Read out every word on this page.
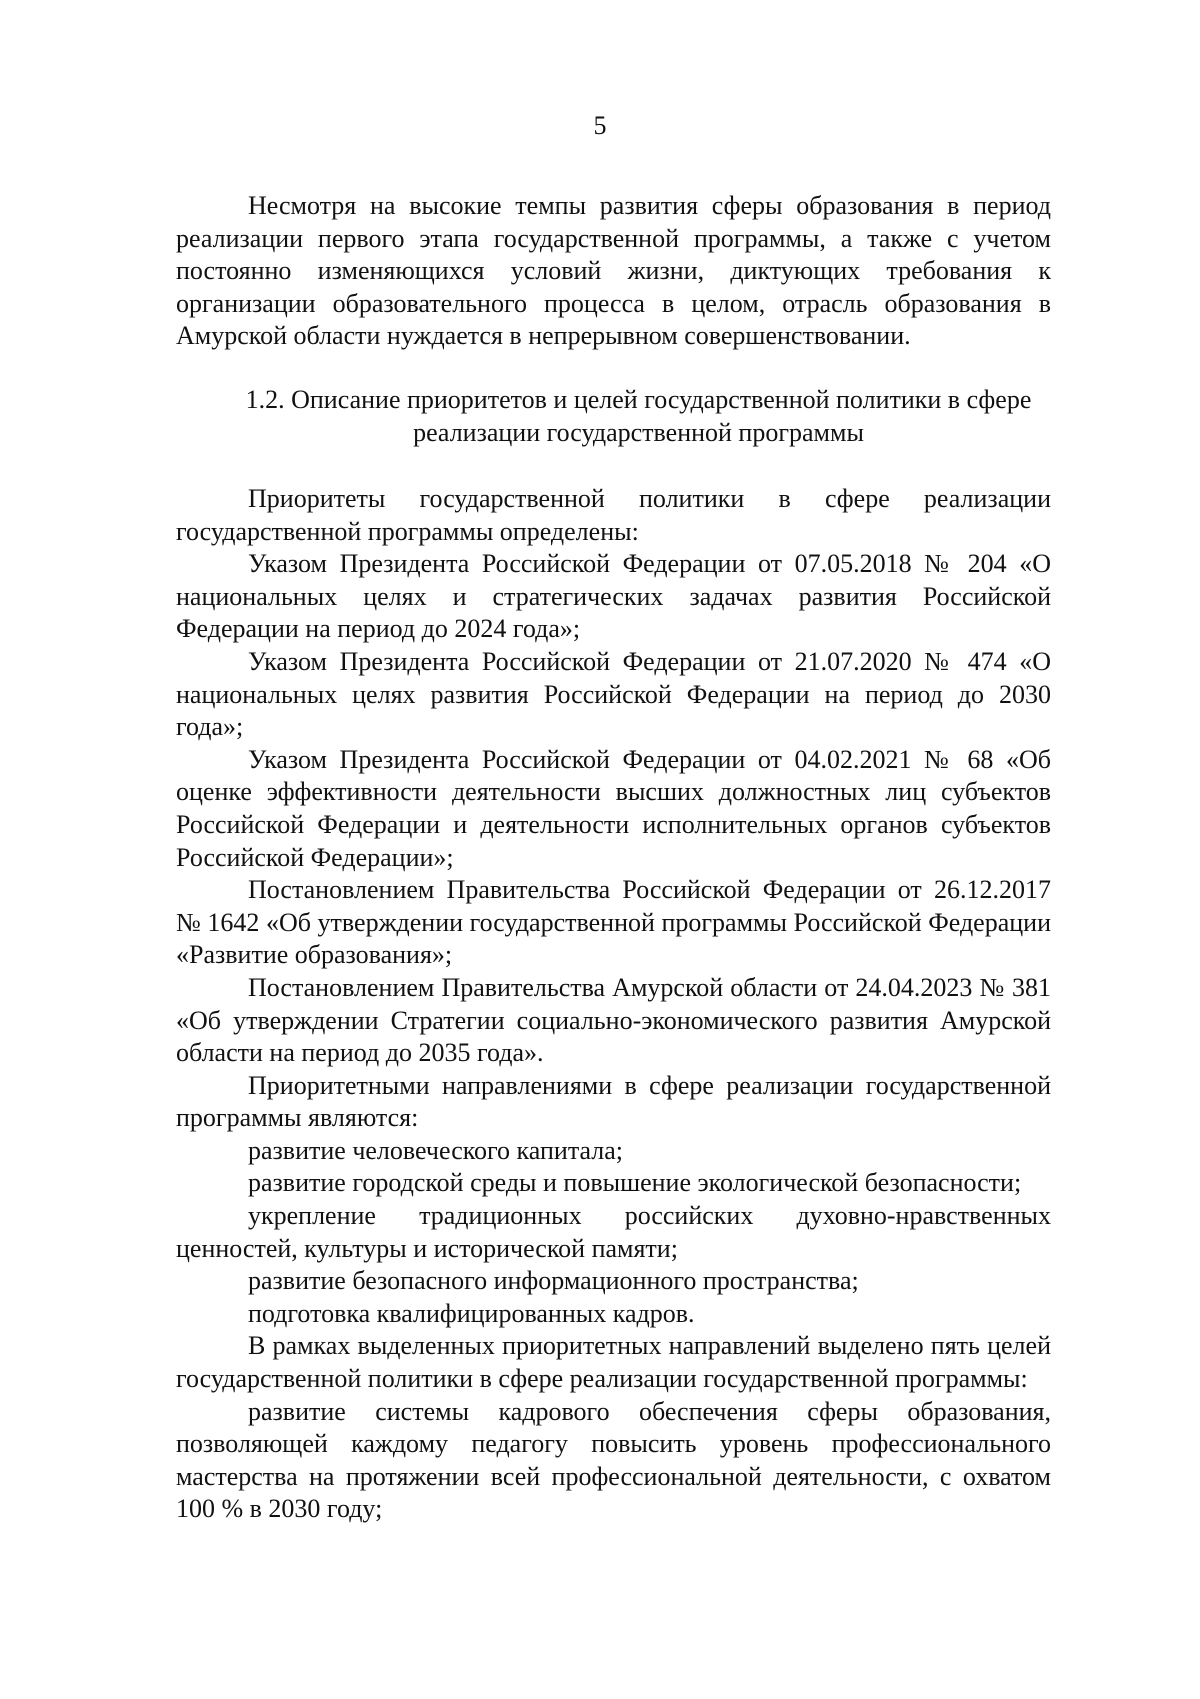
5

Несмотря на высокие темпы развития сферы образования в период реализации первого этапа государственной программы, а также с учетом постоянно изменяющихся условий жизни, диктующих требования к организации образовательного процесса в целом, отрасль образования в Амурской области нуждается в непрерывном совершенствовании.

1.2. Описание приоритетов и целей государственной политики в сфере

реализации государственной программы

Приоритеты государственной политики в сфере реализации государственной программы определены:

Указом Президента Российской Федерации от 07.05.2018 № 204 «О национальных целях и стратегических задачах развития Российской Федерации на период до 2024 года»;

Указом Президента Российской Федерации от 21.07.2020 № 474 «О национальных целях развития Российской Федерации на период до 2030 года»;

Указом Президента Российской Федерации от 04.02.2021 № 68 «Об оценке эффективности деятельности высших должностных лиц субъектов Российской Федерации и деятельности исполнительных органов субъектов Российской Федерации»;

Постановлением Правительства Российской Федерации от 26.12.2017 № 1642 «Об утверждении государственной программы Российской Федерации «Развитие образования»;

Постановлением Правительства Амурской области от 24.04.2023 № 381 «Об утверждении Стратегии социально-экономического развития Амурской области на период до 2035 года».

Приоритетными направлениями в сфере реализации государственной программы являются:

развитие человеческого капитала;

развитие городской среды и повышение экологической безопасности;

укрепление традиционных российских духовно-нравственных ценностей, культуры и исторической памяти;

развитие безопасного информационного пространства;

подготовка квалифицированных кадров.

В рамках выделенных приоритетных направлений выделено пять целей государственной политики в сфере реализации государственной программы:

развитие системы кадрового обеспечения сферы образования, позволяющей каждому педагогу повысить уровень профессионального мастерства на протяжении всей профессиональной деятельности, с охватом 100 % в 2030 году;
